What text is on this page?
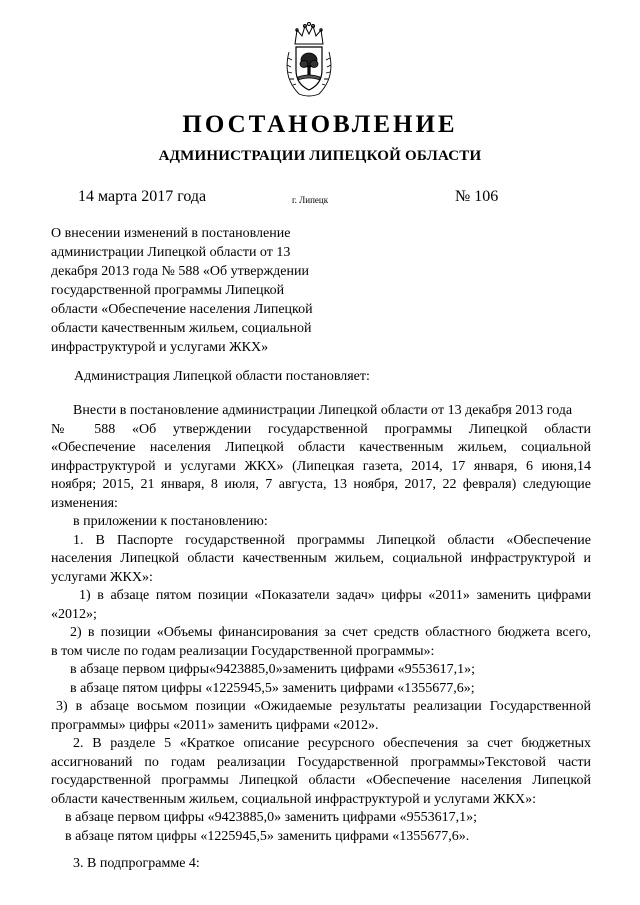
ПОСТАНОВЛЕНИЕ
АДМИНИСТРАЦИИ ЛИПЕЦКОЙ ОБЛАСТИ
14 марта 2017 года	г. Липецк	№ 106
О внесении изменений в постановление
администрации Липецкой области от 13
декабря 2013 года № 588 «Об утверждении
государственной программы Липецкой
области «Обеспечение населения Липецкой
области качественным жильем, социальной
инфраструктурой и услугами ЖКХ»
Администрация Липецкой области постановляет:
Внести в постановление администрации Липецкой области от 13 декабря 2013 года
№ 588 «Об утверждении государственной программы Липецкой области
«Обеспечение населения Липецкой области качественным жильем, социальной
инфраструктурой и услугами ЖКХ» (Липецкая газета, 2014, 17 января, 6 июня,14
ноября; 2015, 21 января, 8 июля, 7 августа, 13 ноября, 2017, 22 февраля) следующие
изменения:
в приложении к постановлению:
1. В Паспорте государственной программы Липецкой области «Обеспечение
населения Липецкой области качественным жильем, социальной инфраструктурой и
услугами ЖКХ»:
1) в абзаце пятом позиции «Показатели задач» цифры «2011» заменить цифрами
«2012»;
2) в позиции «Объемы финансирования за счет средств областного бюджета всего,
в том числе по годам реализации Государственной программы»:
в абзаце первом цифры«9423885,0»заменить цифрами «9553617,1»;
в абзаце пятом цифры «1225945,5» заменить цифрами «1355677,6»;
3) в абзаце восьмом позиции «Ожидаемые результаты реализации Государственной
программы» цифры «2011» заменить цифрами «2012».
2. В разделе 5 «Краткое описание ресурсного обеспечения за счет бюджетных
ассигнований по годам реализации Государственной программы»Текстовой части
государственной программы Липецкой области «Обеспечение населения Липецкой
области качественным жильем, социальной инфраструктурой и услугами ЖКХ»:
в абзаце первом цифры «9423885,0» заменить цифрами «9553617,1»;
в абзаце пятом цифры «1225945,5» заменить цифрами «1355677,6».
3. В подпрограмме 4:
